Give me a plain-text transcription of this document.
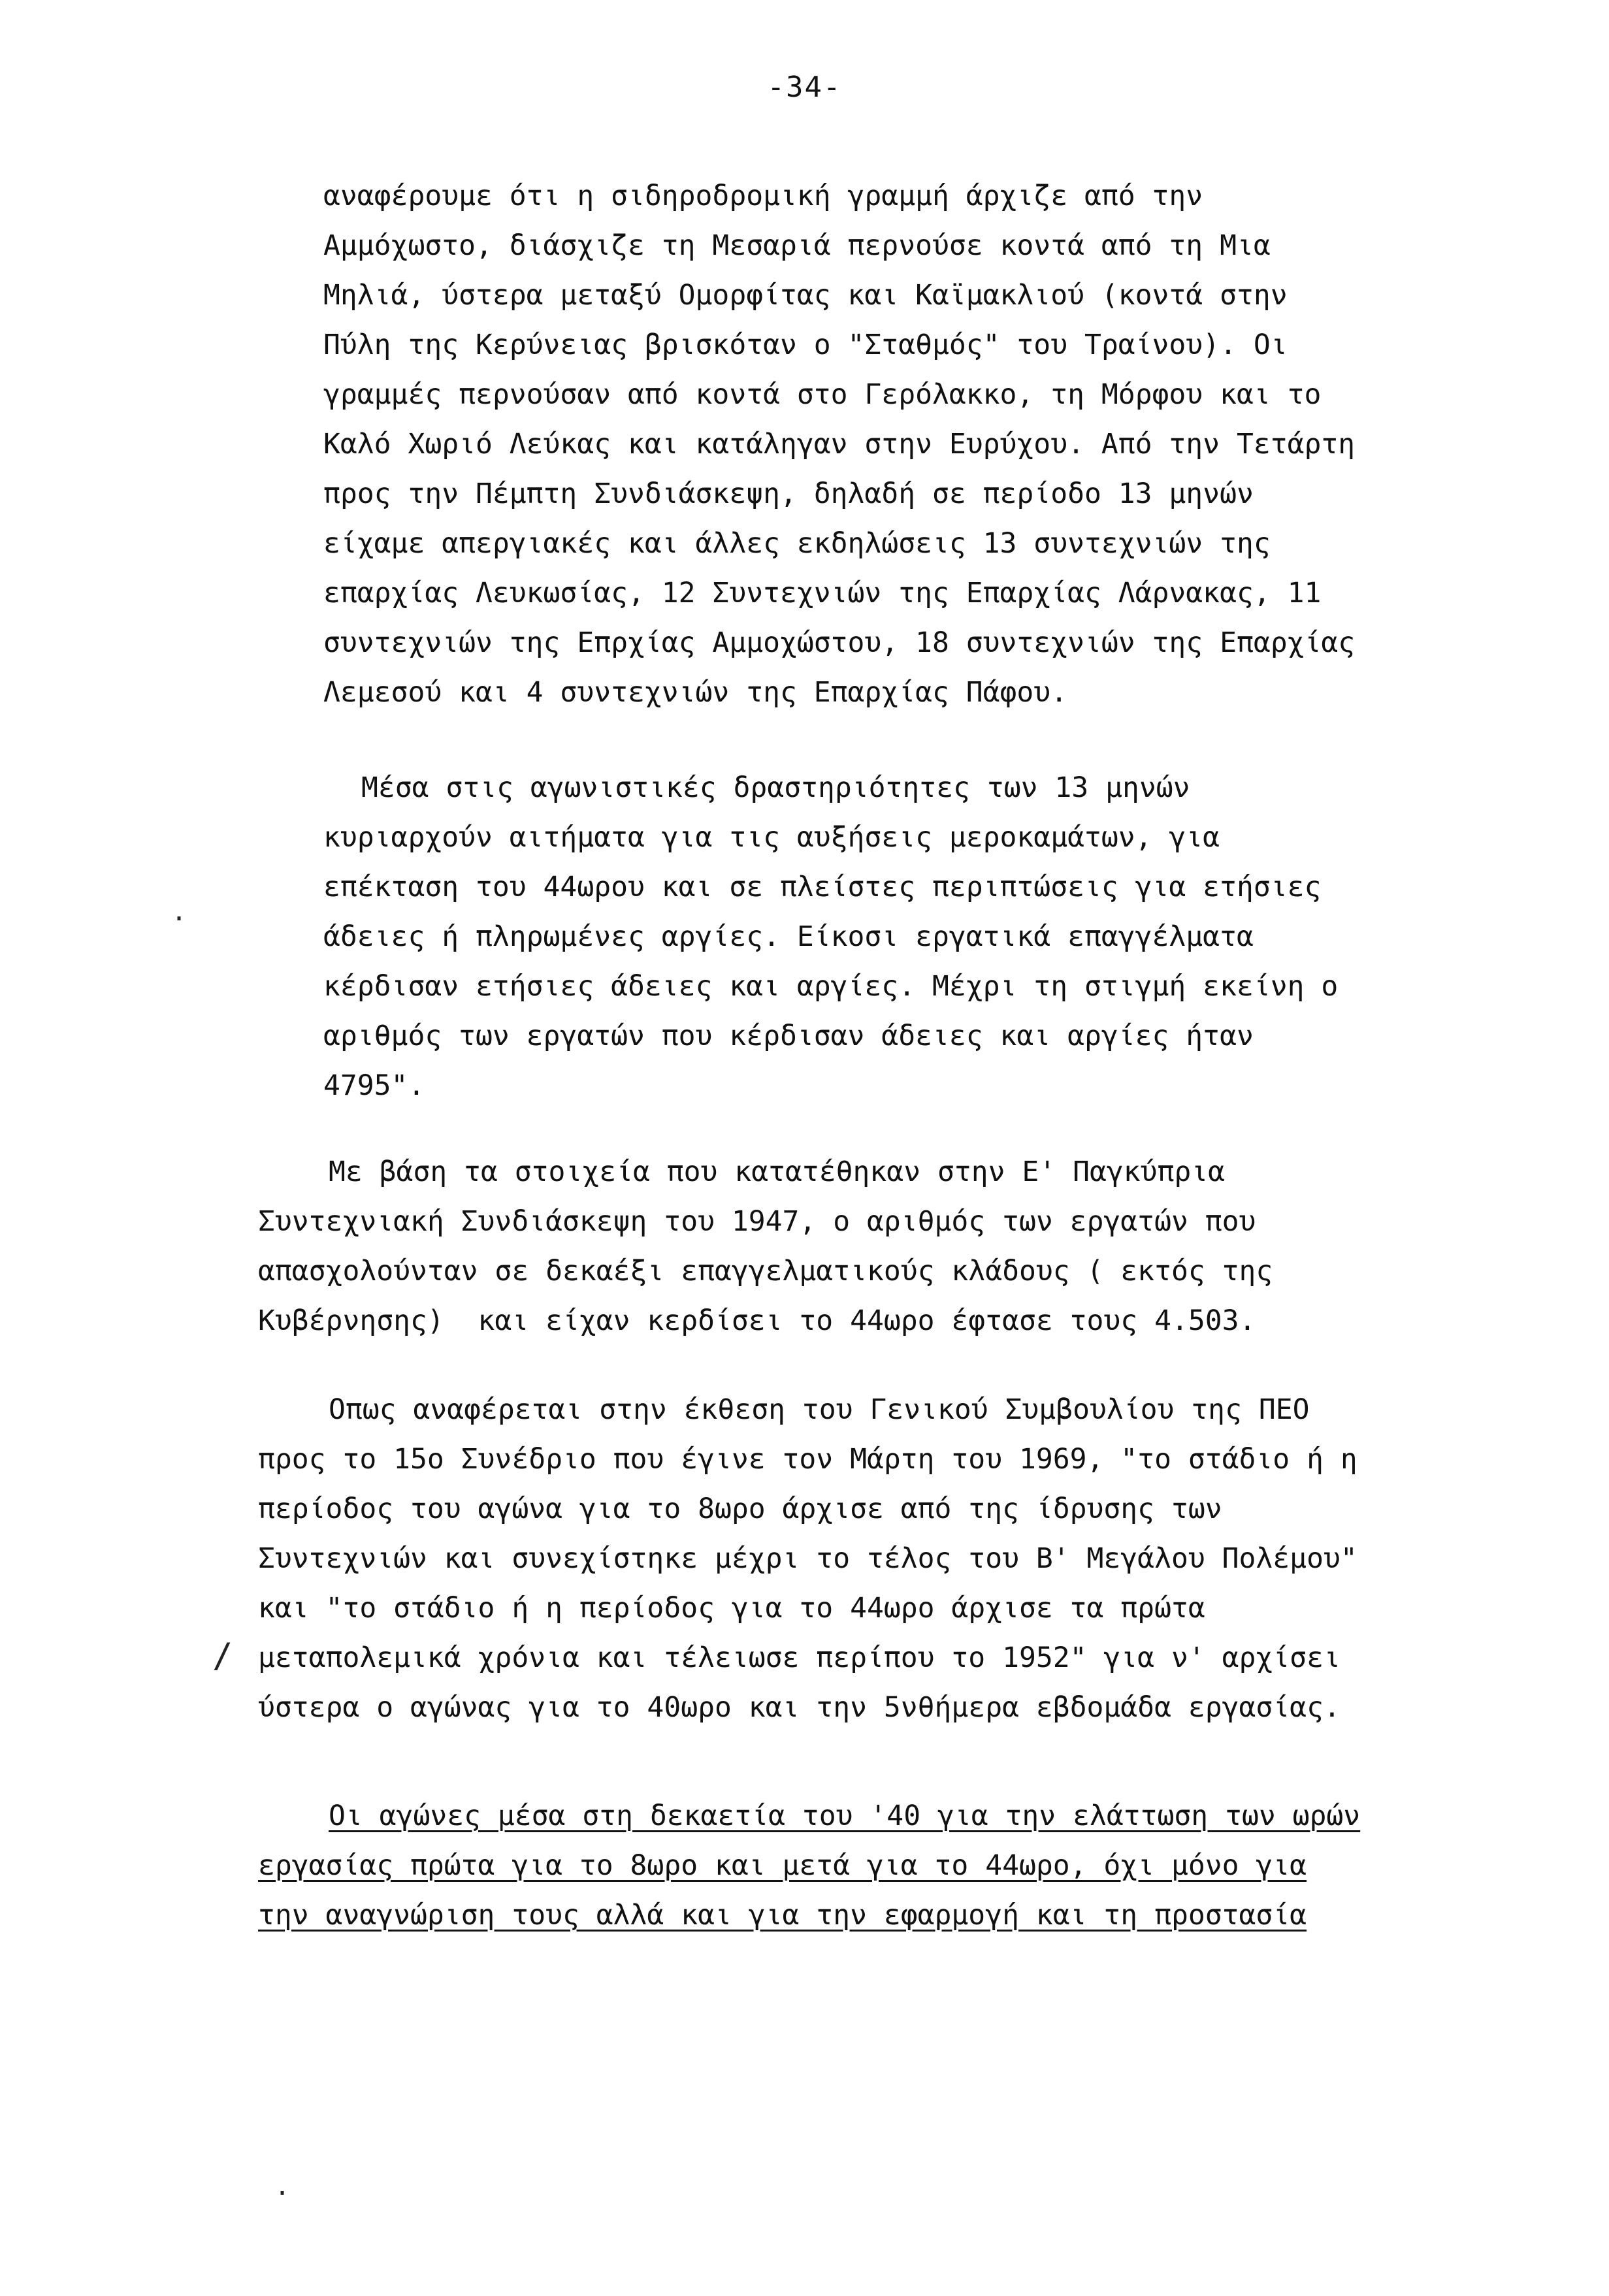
-34-
αναφέρουμε ότι η σιδηροδρομική γραμμή άρχιζε από την
Αμμόχωστο, διάσχιζε τη Μεσαριά περνούσε κοντά από τη Μια
Μηλιά, ύστερα μεταξύ Ομορφίτας και Καϊμακλιού (κοντά στην
Πύλη της Κερύνειας βρισκόταν ο "Σταθμός" του Τραίνου). Οι
γραμμές περνούσαν από κοντά στο Γερόλακκο, τη Μόρφου και το
Καλό Χωριό Λεύκας και κατάληγαν στην Ευρύχου. Από την Τετάρτη
προς την Πέμπτη Συνδιάσκεψη, δηλαδή σε περίοδο 13 μηνών
είχαμε απεργιακές και άλλες εκδηλώσεις 13 συντεχνιών της
επαρχίας Λευκωσίας, 12 Συντεχνιών της Επαρχίας Λάρνακας, 11
συντεχνιών της Επρχίας Αμμοχώστου, 18 συντεχνιών της Επαρχίας
Λεμεσού και 4 συντεχνιών της Επαρχίας Πάφου.
Μέσα στις αγωνιστικές δραστηριότητες των 13 μηνών
κυριαρχούν αιτήματα για τις αυξήσεις μεροκαμάτων, για
επέκταση του 44ωρου και σε πλείστες περιπτώσεις για ετήσιες
άδειες ή πληρωμένες αργίες. Είκοσι εργατικά επαγγέλματα
κέρδισαν ετήσιες άδειες και αργίες. Μέχρι τη στιγμή εκείνη ο
αριθμός των εργατών που κέρδισαν άδειες και αργίες ήταν
4795".
Με βάση τα στοιχεία που κατατέθηκαν στην Ε' Παγκύπρια
Συντεχνιακή Συνδιάσκεψη του 1947, ο αριθμός των εργατών που
απασχολούνταν σε δεκαέξι επαγγελματικούς κλάδους ( εκτός της
Κυβέρνησης)  και είχαν κερδίσει το 44ωρο έφτασε τους 4.503.
Οπως αναφέρεται στην έκθεση του Γενικού Συμβουλίου της ΠΕΟ
προς το 15ο Συνέδριο που έγινε τον Μάρτη του 1969, "το στάδιο ή η
περίοδος του αγώνα για το 8ωρο άρχισε από της ίδρυσης των
Συντεχνιών και συνεχίστηκε μέχρι το τέλος του Β' Μεγάλου Πολέμου"
και "το στάδιο ή η περίοδος για το 44ωρο άρχισε τα πρώτα
μεταπολεμικά χρόνια και τέλειωσε περίπου το 1952" για ν' αρχίσει
ύστερα ο αγώνας για το 40ωρο και την 5νθήμερα εβδομάδα εργασίας.
Οι αγώνες μέσα στη δεκαετία του '40 για την ελάττωση των ωρών
εργασίας πρώτα για το 8ωρο και μετά για το 44ωρο, όχι μόνο για
την αναγνώριση τους αλλά και για την εφαρμογή και τη προστασία
/
·
·
